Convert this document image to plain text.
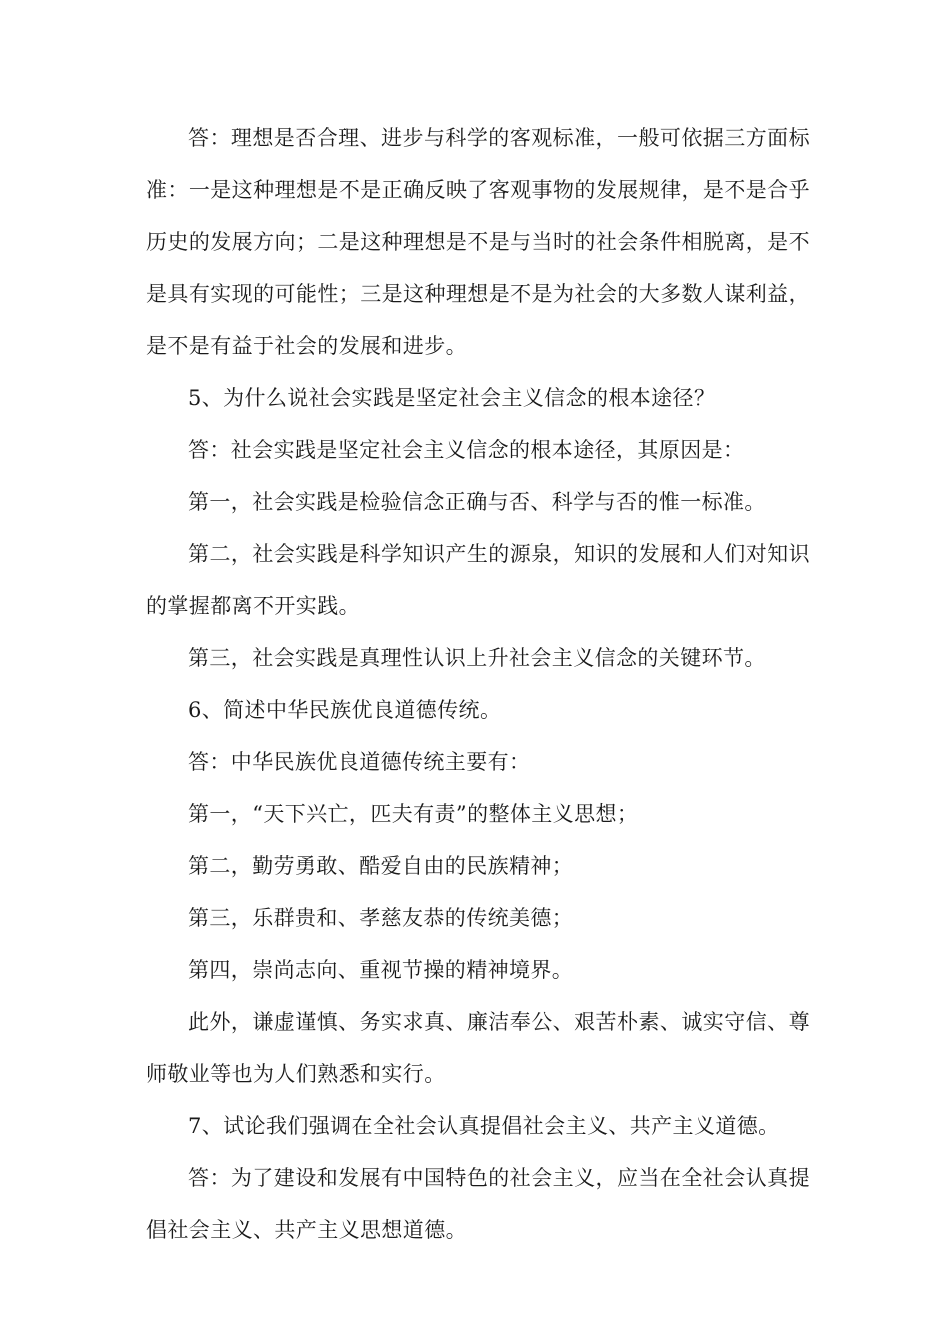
答：理想是否合理、进步与科学的客观标准，一般可依据三方面标准：一是这种理想是不是正确反映了客观事物的发展规律，是不是合乎历史的发展方向；二是这种理想是不是与当时的社会条件相脱离，是不是具有实现的可能性；三是这种理想是不是为社会的大多数人谋利益，是不是有益于社会的发展和进步。

5、为什么说社会实践是坚定社会主义信念的根本途径？

答：社会实践是坚定社会主义信念的根本途径，其原因是：

第一，社会实践是检验信念正确与否、科学与否的惟一标准。

第二，社会实践是科学知识产生的源泉，知识的发展和人们对知识的掌握都离不开实践。

第三，社会实践是真理性认识上升社会主义信念的关键环节。

6、简述中华民族优良道德传统。

答：中华民族优良道德传统主要有：

第一，“天下兴亡，匹夫有责”的整体主义思想；

第二，勤劳勇敢、酷爱自由的民族精神；

第三，乐群贵和、孝慈友恭的传统美德；

第四，崇尚志向、重视节操的精神境界。

此外，谦虚谨慎、务实求真、廉洁奉公、艰苦朴素、诚实守信、尊师敬业等也为人们熟悉和实行。

7、试论我们强调在全社会认真提倡社会主义、共产主义道德。

答：为了建设和发展有中国特色的社会主义，应当在全社会认真提倡社会主义、共产主义思想道德。
